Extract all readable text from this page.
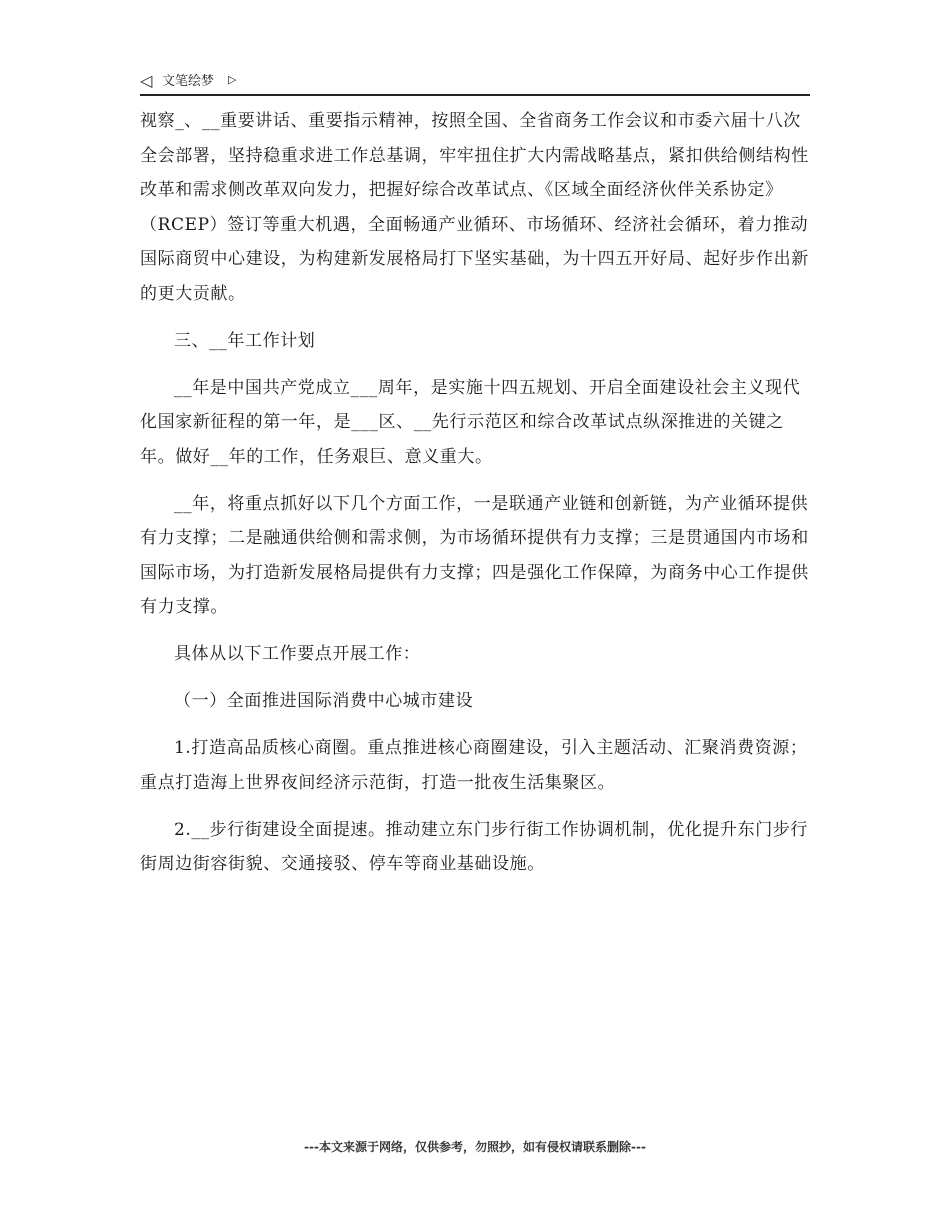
◁ 文笔绘梦 ▷

视察_、__重要讲话、重要指示精神，按照全国、全省商务工作会议和市委六届十八次全会部署，坚持稳重求进工作总基调，牢牢扭住扩大内需战略基点，紧扣供给侧结构性改革和需求侧改革双向发力，把握好综合改革试点、《区域全面经济伙伴关系协定》（RCEP）签订等重大机遇，全面畅通产业循环、市场循环、经济社会循环，着力推动国际商贸中心建设，为构建新发展格局打下坚实基础，为十四五开好局、起好步作出新的更大贡献。

三、__年工作计划

__年是中国共产党成立___周年，是实施十四五规划、开启全面建设社会主义现代化国家新征程的第一年，是___区、__先行示范区和综合改革试点纵深推进的关键之年。做好__年的工作，任务艰巨、意义重大。

__年，将重点抓好以下几个方面工作，一是联通产业链和创新链，为产业循环提供有力支撑；二是融通供给侧和需求侧，为市场循环提供有力支撑；三是贯通国内市场和国际市场，为打造新发展格局提供有力支撑；四是强化工作保障，为商务中心工作提供有力支撑。

具体从以下工作要点开展工作：

（一）全面推进国际消费中心城市建设

1.打造高品质核心商圈。重点推进核心商圈建设，引入主题活动、汇聚消费资源；重点打造海上世界夜间经济示范街，打造一批夜生活集聚区。

2.__步行街建设全面提速。推动建立东门步行街工作协调机制，优化提升东门步行街周边街容街貌、交通接驳、停车等商业基础设施。

---本文来源于网络，仅供参考，勿照抄，如有侵权请联系删除---
